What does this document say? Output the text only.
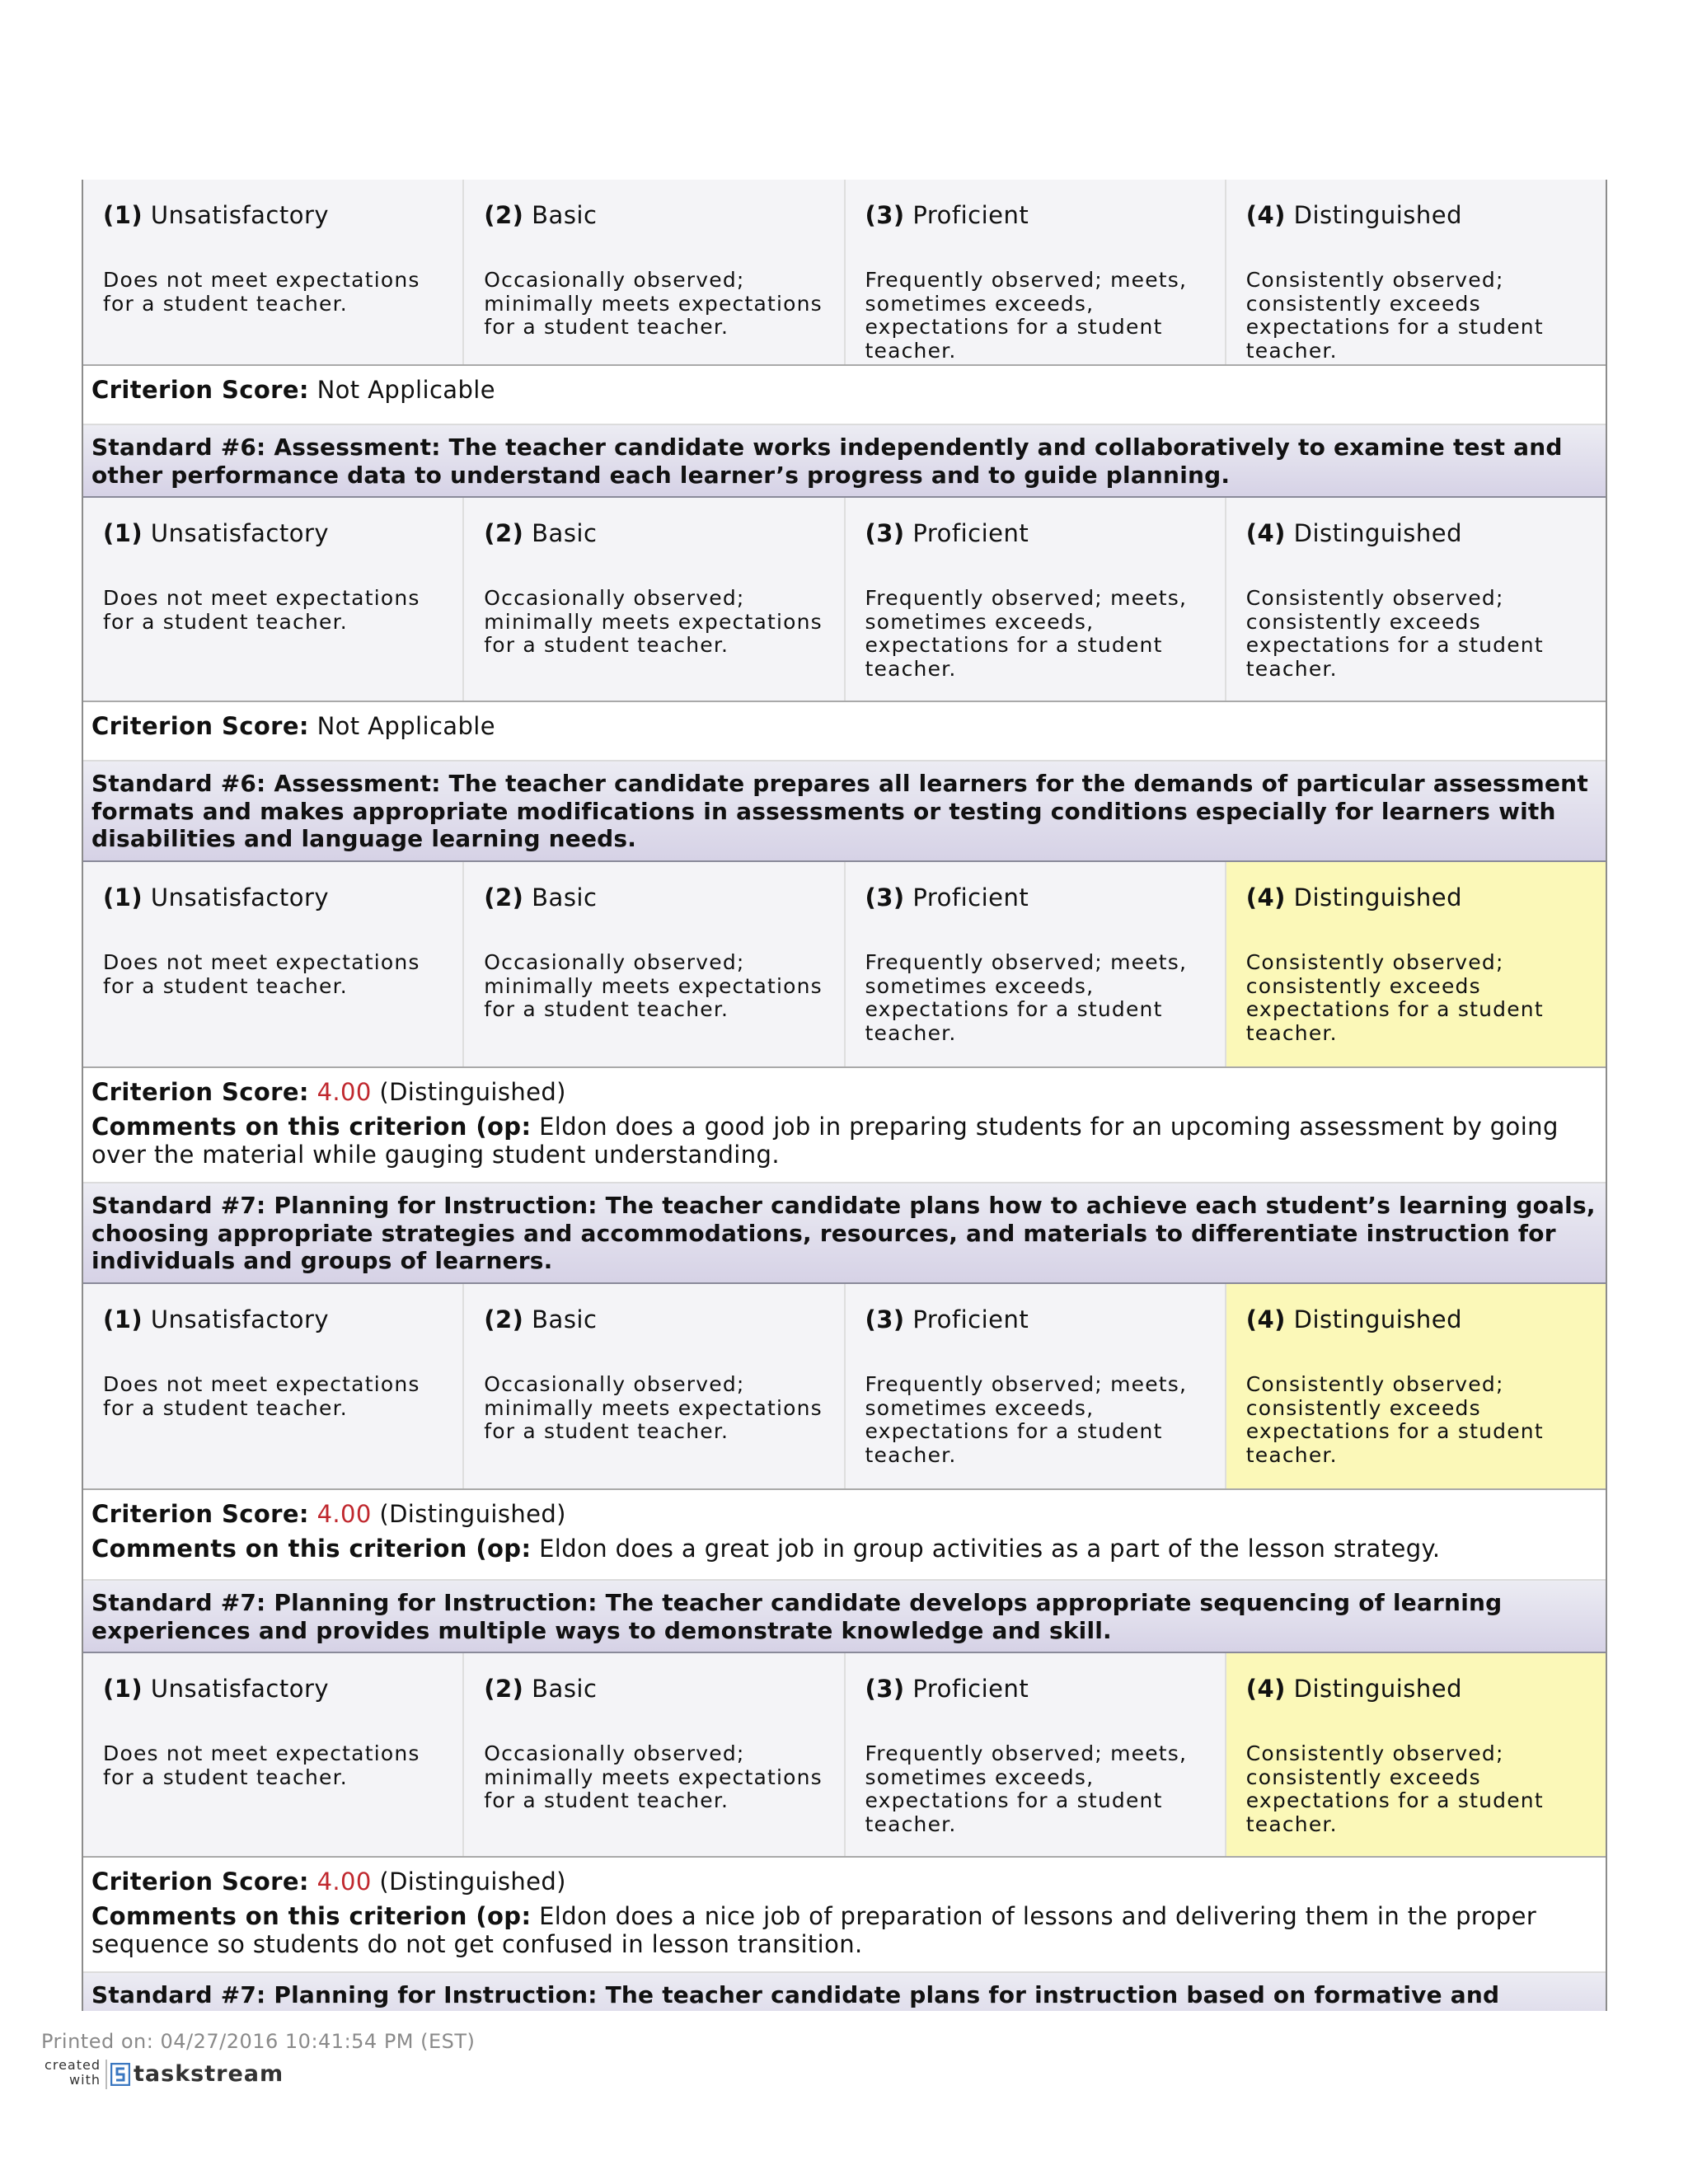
(1) Unsatisfactory
Does not meet expectations
for a student teacher.
(2) Basic
Occasionally observed;
minimally meets expectations
for a student teacher.
(3) Proficient
Frequently observed; meets,
sometimes exceeds,
expectations for a student
teacher.
(4) Distinguished
Consistently observed;
consistently exceeds
expectations for a student
teacher.
Criterion Score: Not Applicable
Standard #6: Assessment: The teacher candidate works independently and collaboratively to examine test and other performance data to understand each learner’s progress and to guide planning.
(1) Unsatisfactory
Does not meet expectations
for a student teacher.
(2) Basic
Occasionally observed;
minimally meets expectations
for a student teacher.
(3) Proficient
Frequently observed; meets,
sometimes exceeds,
expectations for a student
teacher.
(4) Distinguished
Consistently observed;
consistently exceeds
expectations for a student
teacher.
Criterion Score: Not Applicable
Standard #6: Assessment: The teacher candidate prepares all learners for the demands of particular assessment formats and makes appropriate modifications in assessments or testing conditions especially for learners with disabilities and language learning needs.
(1) Unsatisfactory
Does not meet expectations
for a student teacher.
(2) Basic
Occasionally observed;
minimally meets expectations
for a student teacher.
(3) Proficient
Frequently observed; meets,
sometimes exceeds,
expectations for a student
teacher.
(4) Distinguished
Consistently observed;
consistently exceeds
expectations for a student
teacher.
Criterion Score: 4.00 (Distinguished)
Comments on this criterion (op: Eldon does a good job in preparing students for an upcoming assessment by going over the material while gauging student understanding.
Standard #7: Planning for Instruction: The teacher candidate plans how to achieve each student’s learning goals, choosing appropriate strategies and accommodations, resources, and materials to differentiate instruction for individuals and groups of learners.
(1) Unsatisfactory
Does not meet expectations
for a student teacher.
(2) Basic
Occasionally observed;
minimally meets expectations
for a student teacher.
(3) Proficient
Frequently observed; meets,
sometimes exceeds,
expectations for a student
teacher.
(4) Distinguished
Consistently observed;
consistently exceeds
expectations for a student
teacher.
Criterion Score: 4.00 (Distinguished)
Comments on this criterion (op: Eldon does a great job in group activities as a part of the lesson strategy.
Standard #7: Planning for Instruction: The teacher candidate develops appropriate sequencing of learning experiences and provides multiple ways to demonstrate knowledge and skill.
(1) Unsatisfactory
Does not meet expectations
for a student teacher.
(2) Basic
Occasionally observed;
minimally meets expectations
for a student teacher.
(3) Proficient
Frequently observed; meets,
sometimes exceeds,
expectations for a student
teacher.
(4) Distinguished
Consistently observed;
consistently exceeds
expectations for a student
teacher.
Criterion Score: 4.00 (Distinguished)
Comments on this criterion (op: Eldon does a nice job of preparation of lessons and delivering them in the proper sequence so students do not get confused in lesson transition.
Standard #7: Planning for Instruction: The teacher candidate plans for instruction based on formative and
Printed on: 04/27/2016 10:41:54 PM (EST)
created
with taskstream
